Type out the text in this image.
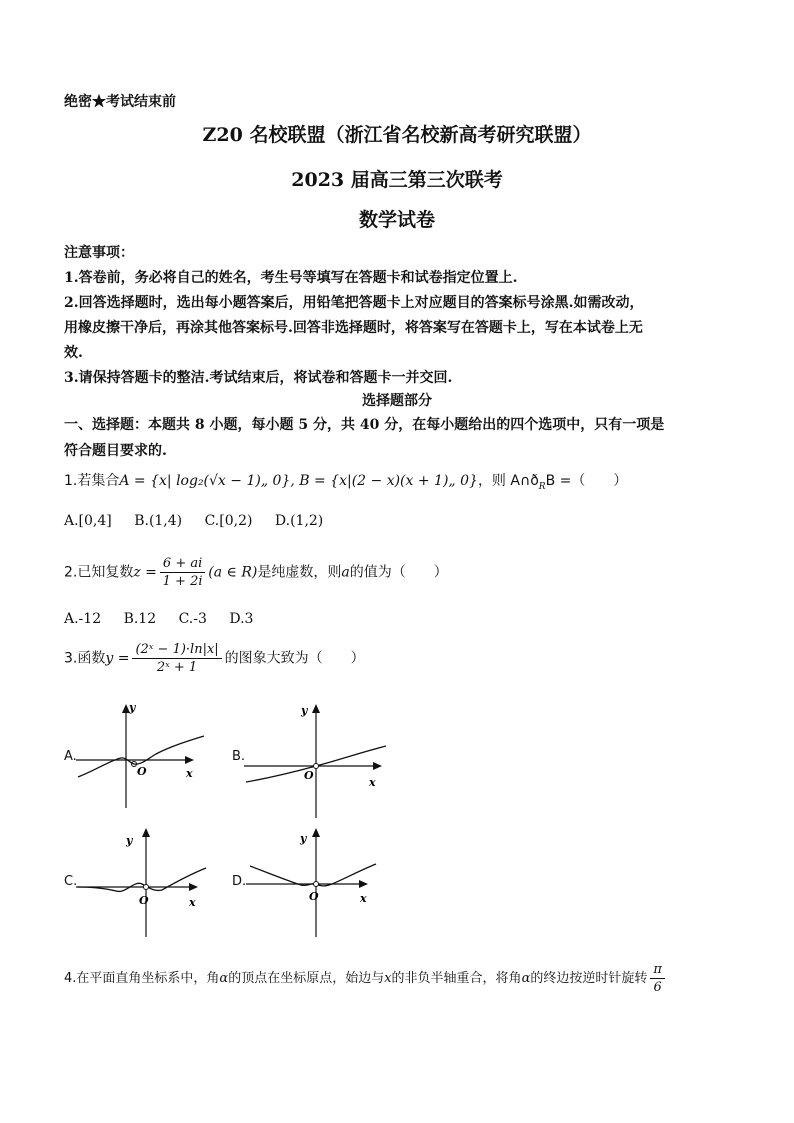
绝密★考试结束前
Z20 名校联盟（浙江省名校新高考研究联盟）
2023 届高三第三次联考
数学试卷
注意事项：
1.答卷前，务必将自己的姓名，考生号等填写在答题卡和试卷指定位置上.
2.回答选择题时，选出每小题答案后，用铅笔把答题卡上对应题目的答案标号涂黑.如需改动，
用橡皮擦干净后，再涂其他答案标号.回答非选择题时，将答案写在答题卡上，写在本试卷上无
效.
3.请保持答题卡的整洁.考试结束后，将试卷和答题卡一并交回.
选择题部分
一、选择题：本题共 8 小题，每小题 5 分，共 40 分，在每小题给出的四个选项中，只有一项是
符合题目要求的.
1.若集合A = {x| log₂(√x − 1)„ 0}, B = {x|(2 − x)(x + 1)„ 0}，则 $A\cap ð_RB$ =（　　）
A.[0,4] B.(1,4) C.[0,2) D.(1,2)
2.已知复数$z = \frac{6 + ai}{1 + 2i} (a$ ∈ R)是纯虚数，则a的值为（　　）
A.-12 B.12 C.-3 D.3
3.函数$y = \frac{\text{(2ˣ − 1)·ln|x|}}{\text{2ˣ + 1}}$ 的图象大致为（　　）
A.
y
O	x
B.
y
O
x
C.
y
O	x
D.
y
O	x
4.在平面直角坐标系中，角α的顶点在坐标原点，始边与x的非负半轴重合，将角α的终边按逆时针旋转 $\frac{\pi}{6}$
